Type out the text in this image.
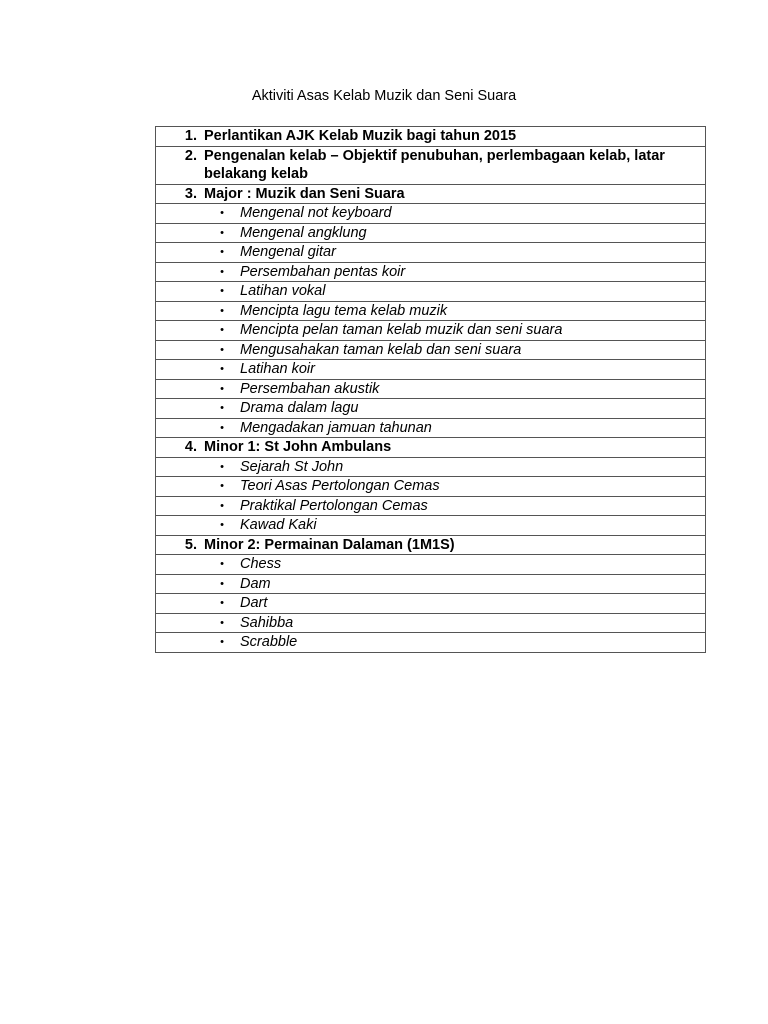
Aktiviti Asas Kelab Muzik dan Seni Suara
1. Perlantikan AJK Kelab Muzik bagi tahun 2015

2. Pengenalan kelab – Objektif penubuhan, perlembagaan kelab, latar belakang kelab

3. Major : Muzik dan Seni Suara

•	Mengenal not keyboard

•	Mengenal angklung

•	Mengenal gitar

•	Persembahan pentas koir

•	Latihan vokal

•	Mencipta lagu tema kelab muzik

•	Mencipta pelan taman kelab muzik dan seni suara

•	Mengusahakan taman kelab dan seni suara

•	Latihan koir

•	Persembahan akustik

•	Drama dalam lagu

•	Mengadakan jamuan tahunan

4. Minor 1: St John Ambulans

•	Sejarah St John

•	Teori Asas Pertolongan Cemas

•	Praktikal Pertolongan Cemas

•	Kawad Kaki

5. Minor 2: Permainan Dalaman (1M1S)

•	Chess

•	Dam

•	Dart

•	Sahibba

•	Scrabble
